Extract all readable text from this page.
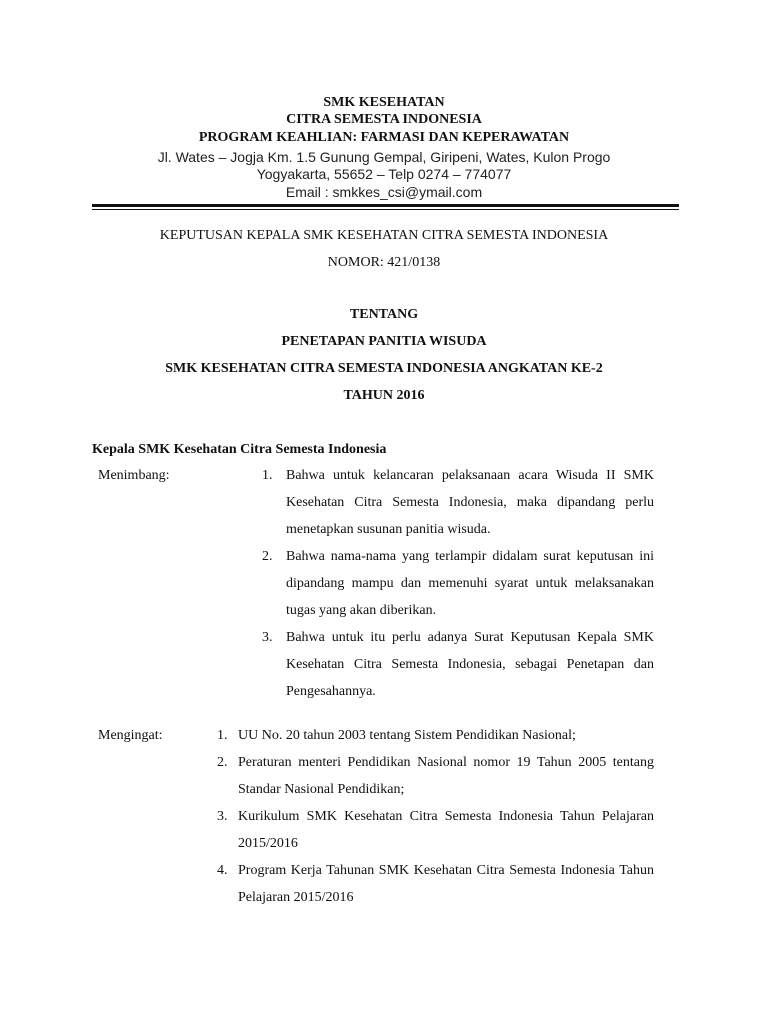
SMK KESEHATAN
CITRA SEMESTA INDONESIA
PROGRAM KEAHLIAN: FARMASI DAN KEPERAWATAN
Jl. Wates – Jogja Km. 1.5 Gunung Gempal, Giripeni, Wates, Kulon Progo
Yogyakarta, 55652 – Telp 0274 – 774077
Email : smkkes_csi@ymail.com
KEPUTUSAN KEPALA SMK KESEHATAN CITRA SEMESTA INDONESIA
NOMOR: 421/0138
TENTANG
PENETAPAN PANITIA WISUDA
SMK KESEHATAN CITRA SEMESTA INDONESIA ANGKATAN KE-2
TAHUN 2016
Kepala SMK Kesehatan Citra Semesta Indonesia
Menimbang:	1. Bahwa untuk kelancaran pelaksanaan acara Wisuda II SMK Kesehatan Citra Semesta Indonesia, maka dipandang perlu menetapkan susunan panitia wisuda.
2. Bahwa nama-nama yang terlampir didalam surat keputusan ini dipandang mampu dan memenuhi syarat untuk melaksanakan tugas yang akan diberikan.
3. Bahwa untuk itu perlu adanya Surat Keputusan Kepala SMK Kesehatan Citra Semesta Indonesia, sebagai Penetapan dan Pengesahannya.
Mengingat:	1. UU No. 20 tahun 2003 tentang Sistem Pendidikan Nasional;
2. Peraturan menteri Pendidikan Nasional nomor 19 Tahun 2005 tentang Standar Nasional Pendidikan;
3. Kurikulum SMK Kesehatan Citra Semesta Indonesia Tahun Pelajaran 2015/2016
4. Program Kerja Tahunan SMK Kesehatan Citra Semesta Indonesia Tahun Pelajaran 2015/2016
